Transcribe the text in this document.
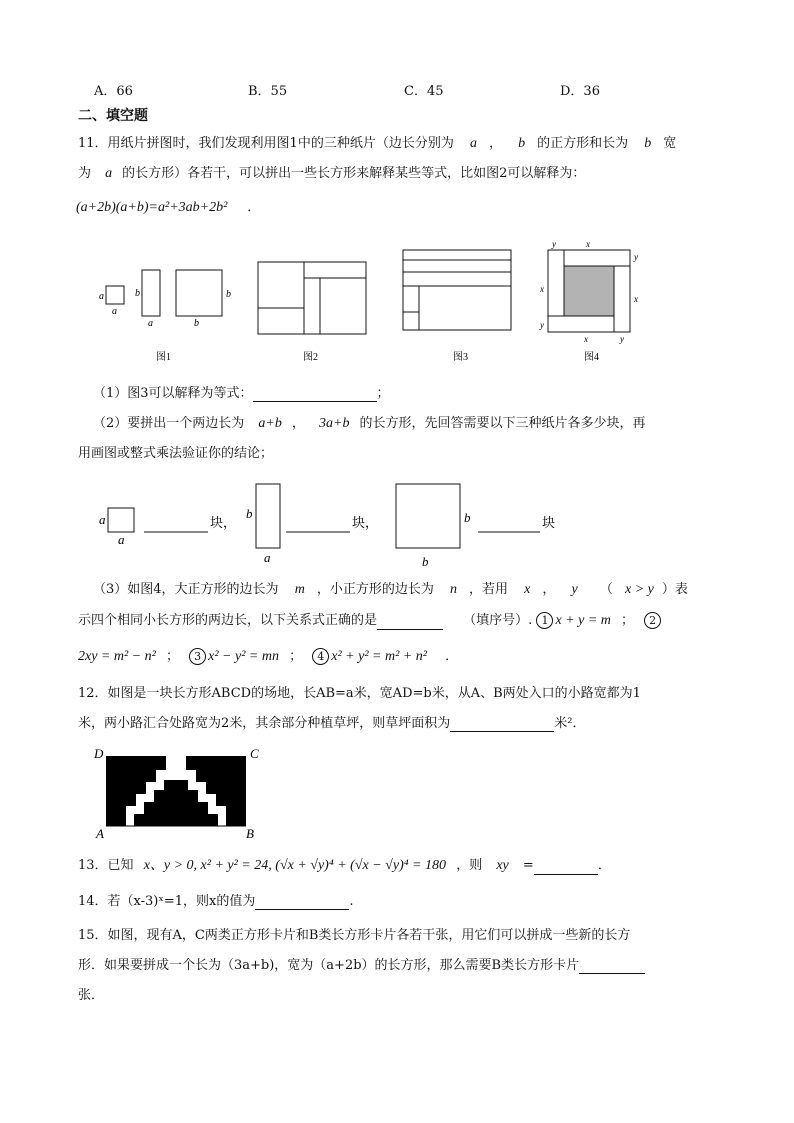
A．66	B．55	C．45	D．36
二、填空题
11．用纸片拼图时，我们发现利用图1中的三种纸片（边长分别为 a ， b 的正方形和长为 b 宽
为 a 的长方形）各若干，可以拼出一些长方形来解释某些等式，比如图2可以解释为：
(a+2b)(a+b)=a²+3ab+2b² ．
a
a
b
a
b
b
y	x
y
x
x
y
x	y
图1	图2	图3	图4
（1）图3可以解释为等式：	；
（2）要拼出一个两边长为 a+b ， 3a+b 的长方形，先回答需要以下三种纸片各多少块，再
用画图或整式乘法验证你的结论；
a
a
块，
b
a
块，	b
b
块
（3）如图4，大正方形的边长为 m ，小正方形的边长为 n ，若用 x ， y （ x > y ）表
示四个相同小长方形的两边长，以下关系式正确的是	（填序号）. 1 x + y = m ； 2
2xy = m² − n² ； 3 x² − y² = mn ； 4 x² + y² = m² + n² ．
12．如图是一块长方形ABCD的场地，长AB=a米，宽AD=b米，从A、B两处入口的小路宽都为1
米，两小路汇合处路宽为2米，其余部分种植草坪，则草坪面积为	米²．
D	C
A	B
13．已知 x、y > 0, x² + y² = 24, (√x + √y)⁴ + (√x − √y)⁴ = 180 ，则 xy =	．
14．若（x-3)ˣ=1，则x的值为	.
15．如图，现有A，C两类正方形卡片和B类长方形卡片各若干张，用它们可以拼成一些新的长方
形．如果要拼成一个长为（3a+b)，宽为（a+2b）的长方形，那么需要B类长方形卡片
张．
